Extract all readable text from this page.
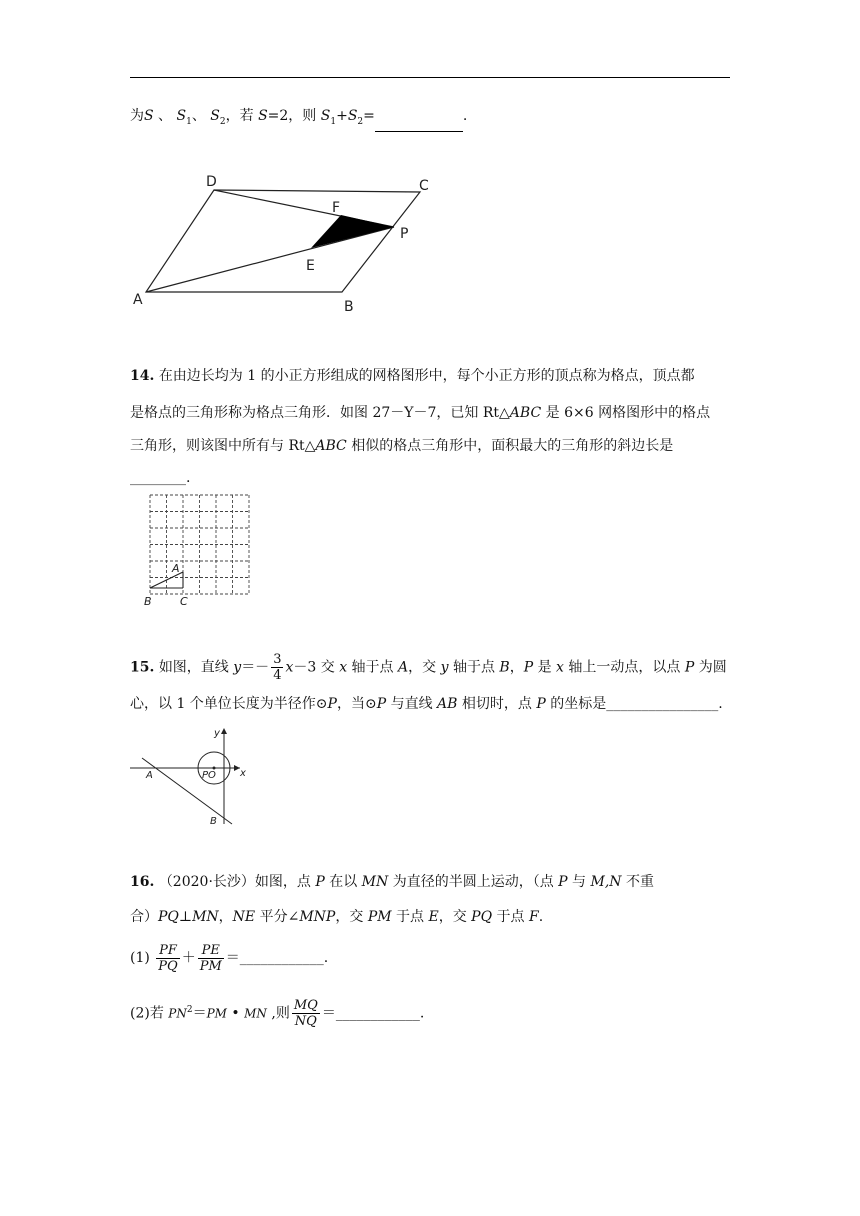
为S 、 $S_1$、 $S_2$，若 S=2，则 $S_1+S_2=$	.
D	C
F
P
E
A	B
14. 在由边长均为 1 的小正方形组成的网格图形中，每个小正方形的顶点称为格点，顶点都
是格点的三角形称为格点三角形．如图 27－Y－7，已知 Rt△ABC 是 6×6 网格图形中的格点
三角形，则该图中所有与 Rt△ABC 相似的格点三角形中，面积最大的三角形的斜边长是
________.
A
B	C
15. 如图，直线 $y=- \frac{3}{4} x-3$ 交 x 轴于点 A，交 y 轴于点 B，P 是 x 轴上一动点，以点 P 为圆
心，以 1 个单位长度为半径作⊙P，当⊙P 与直线 AB 相切时，点 P 的坐标是________________.
y
x
A	PO
B
16. （2020·长沙）如图，点 P 在以 MN 为直径的半圆上运动，（点 P 与 M,N 不重
合）PQ⊥MN，NE 平分∠MNP，交 PM 于点 E，交 PQ 于点 F.
$(1) \frac{PF}{PQ} + \frac{PE}{PM}$ ＝____________.
(2)若 $PN^2=PM$ • MN ,则 $\frac{MQ}{NQ}$ ＝____________.
